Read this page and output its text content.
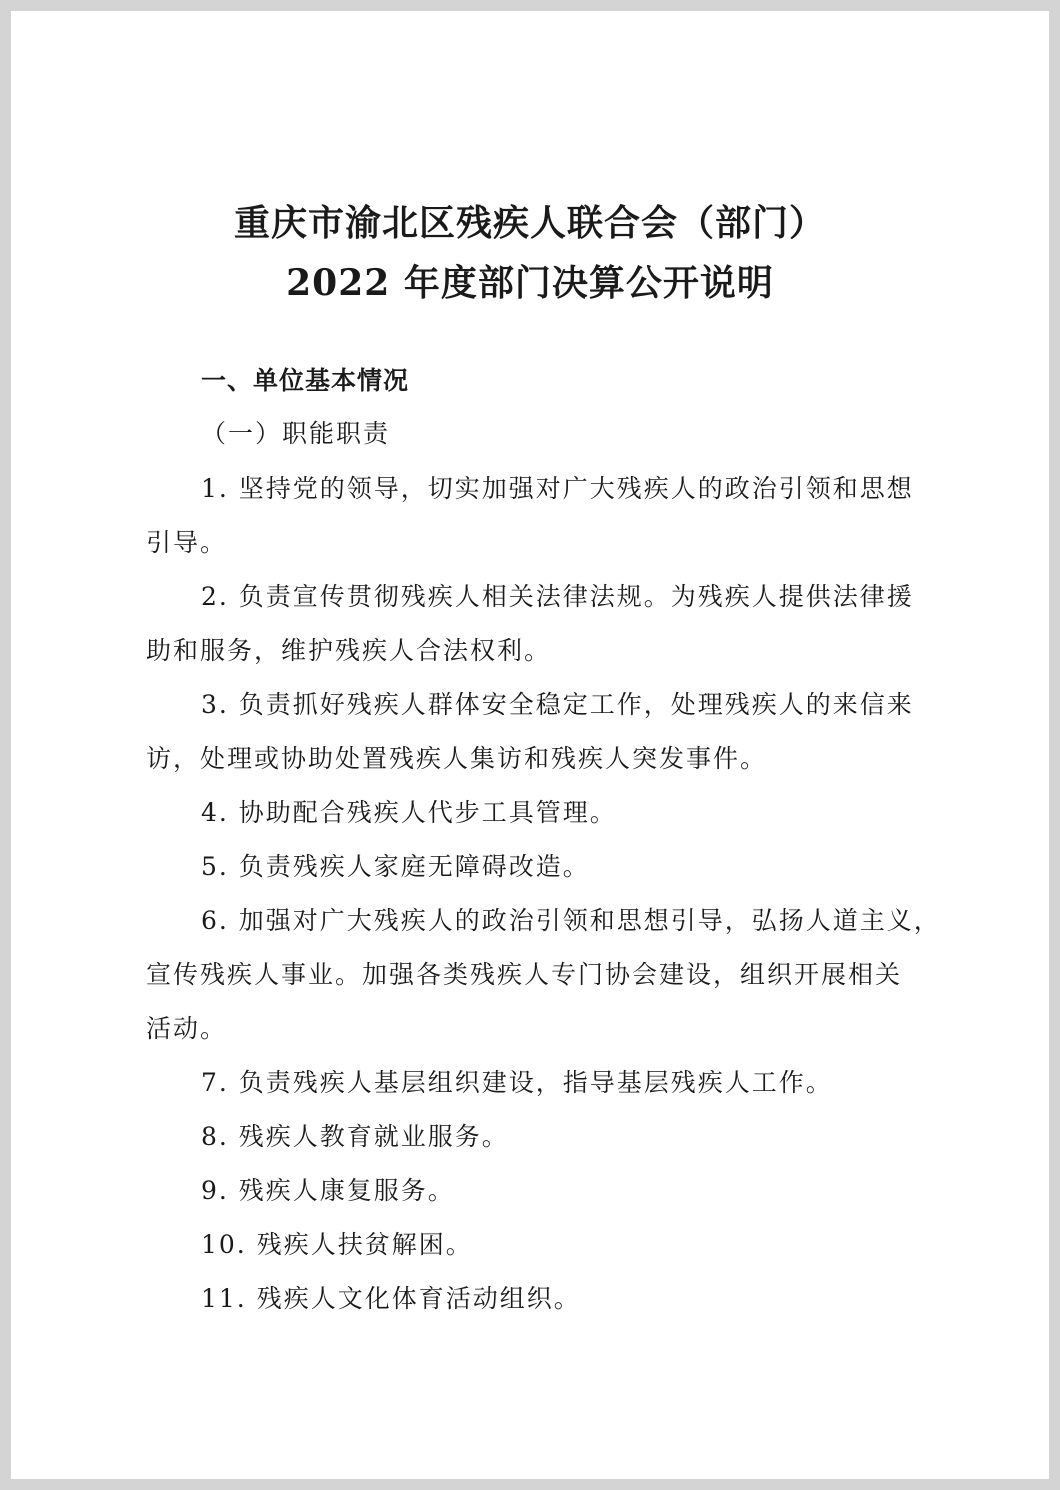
重庆市渝北区残疾人联合会（部门）
2022 年度部门决算公开说明
一、单位基本情况
（一）职能职责
1. 坚持党的领导，切实加强对广大残疾人的政治引领和思想
引导。
2. 负责宣传贯彻残疾人相关法律法规。为残疾人提供法律援
助和服务，维护残疾人合法权利。
3. 负责抓好残疾人群体安全稳定工作，处理残疾人的来信来
访，处理或协助处置残疾人集访和残疾人突发事件。
4. 协助配合残疾人代步工具管理。
5. 负责残疾人家庭无障碍改造。
6. 加强对广大残疾人的政治引领和思想引导，弘扬人道主义，
宣传残疾人事业。加强各类残疾人专门协会建设，组织开展相关
活动。
7. 负责残疾人基层组织建设，指导基层残疾人工作。
8. 残疾人教育就业服务。
9. 残疾人康复服务。
10. 残疾人扶贫解困。
11. 残疾人文化体育活动组织。
